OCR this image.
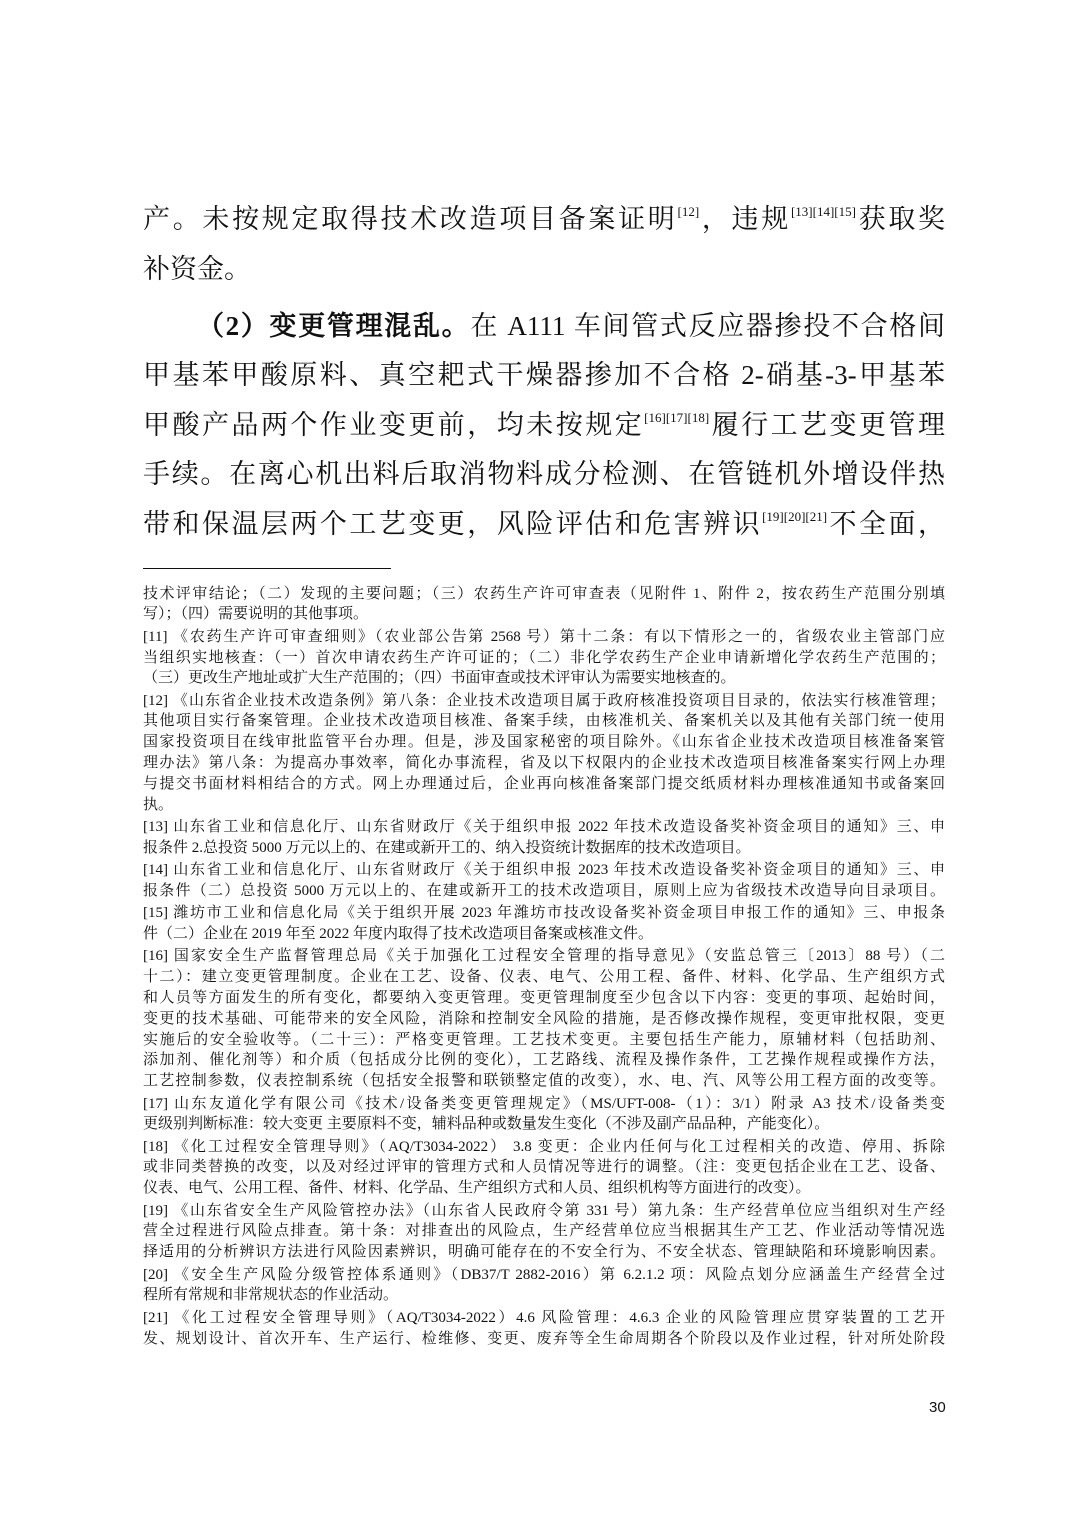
产。未按规定取得技术改造项目备案证明[12]，违规[13][14][15]获取奖
补资金。
（2）变更管理混乱。在 A111 车间管式反应器掺投不合格间
甲基苯甲酸原料、真空耙式干燥器掺加不合格 2-硝基-3-甲基苯
甲酸产品两个作业变更前，均未按规定[16][17][18]履行工艺变更管理
手续。在离心机出料后取消物料成分检测、在管链机外增设伴热
带和保温层两个工艺变更，风险评估和危害辨识[19][20][21]不全面，
技术评审结论；（二）发现的主要问题；（三）农药生产许可审查表（见附件 1、附件 2，按农药生产范围分别填
写）；（四）需要说明的其他事项。
[11] 《农药生产许可审查细则》（农业部公告第 2568 号）第十二条：有以下情形之一的，省级农业主管部门应
当组织实地核查：（一）首次申请农药生产许可证的；（二）非化学农药生产企业申请新增化学农药生产范围的；
（三）更改生产地址或扩大生产范围的；（四）书面审查或技术评审认为需要实地核查的。
[12] 《山东省企业技术改造条例》第八条：企业技术改造项目属于政府核准投资项目目录的，依法实行核准管理；
其他项目实行备案管理。企业技术改造项目核准、备案手续，由核准机关、备案机关以及其他有关部门统一使用
国家投资项目在线审批监管平台办理。但是，涉及国家秘密的项目除外。《山东省企业技术改造项目核准备案管
理办法》第八条：为提高办事效率，简化办事流程，省及以下权限内的企业技术改造项目核准备案实行网上办理
与提交书面材料相结合的方式。网上办理通过后，企业再向核准备案部门提交纸质材料办理核准通知书或备案回
执。
[13] 山东省工业和信息化厅、山东省财政厅《关于组织申报 2022 年技术改造设备奖补资金项目的通知》三、申
报条件 2.总投资 5000 万元以上的、在建或新开工的、纳入投资统计数据库的技术改造项目。
[14] 山东省工业和信息化厅、山东省财政厅《关于组织申报 2023 年技术改造设备奖补资金项目的通知》三、申
报条件（二）总投资 5000 万元以上的、在建或新开工的技术改造项目，原则上应为省级技术改造导向目录项目。
[15] 潍坊市工业和信息化局《关于组织开展 2023 年潍坊市技改设备奖补资金项目申报工作的通知》三、申报条
件（二）企业在 2019 年至 2022 年度内取得了技术改造项目备案或核准文件。
[16] 国家安全生产监督管理总局《关于加强化工过程安全管理的指导意见》（安监总管三〔2013〕88 号）（二
十二）：建立变更管理制度。企业在工艺、设备、仪表、电气、公用工程、备件、材料、化学品、生产组织方式
和人员等方面发生的所有变化，都要纳入变更管理。变更管理制度至少包含以下内容：变更的事项、起始时间，
变更的技术基础、可能带来的安全风险，消除和控制安全风险的措施，是否修改操作规程，变更审批权限，变更
实施后的安全验收等。（二十三）：严格变更管理。工艺技术变更。主要包括生产能力，原辅材料（包括助剂、
添加剂、催化剂等）和介质（包括成分比例的变化），工艺路线、流程及操作条件，工艺操作规程或操作方法，
工艺控制参数，仪表控制系统（包括安全报警和联锁整定值的改变），水、电、汽、风等公用工程方面的改变等。
[17] 山东友道化学有限公司《技术/设备类变更管理规定》（MS/UFT-008-（1）：3/1）附录 A3 技术/设备类变
更级别判断标准：较大变更 主要原料不变，辅料品种或数量发生变化（不涉及副产品品种，产能变化）。
[18] 《化工过程安全管理导则》（AQ/T3034-2022） 3.8 变更：企业内任何与化工过程相关的改造、停用、拆除
或非同类替换的改变，以及对经过评审的管理方式和人员情况等进行的调整。（注：变更包括企业在工艺、设备、
仪表、电气、公用工程、备件、材料、化学品、生产组织方式和人员、组织机构等方面进行的改变）。
[19] 《山东省安全生产风险管控办法》（山东省人民政府令第 331 号）第九条：生产经营单位应当组织对生产经
营全过程进行风险点排查。第十条：对排查出的风险点，生产经营单位应当根据其生产工艺、作业活动等情况选
择适用的分析辨识方法进行风险因素辨识，明确可能存在的不安全行为、不安全状态、管理缺陷和环境影响因素。
[20] 《安全生产风险分级管控体系通则》（DB37/T 2882-2016）第 6.2.1.2 项：风险点划分应涵盖生产经营全过
程所有常规和非常规状态的作业活动。
[21] 《化工过程安全管理导则》（AQ/T3034-2022）4.6 风险管理：4.6.3 企业的风险管理应贯穿装置的工艺开
发、规划设计、首次开车、生产运行、检维修、变更、废弃等全生命周期各个阶段以及作业过程，针对所处阶段
30
